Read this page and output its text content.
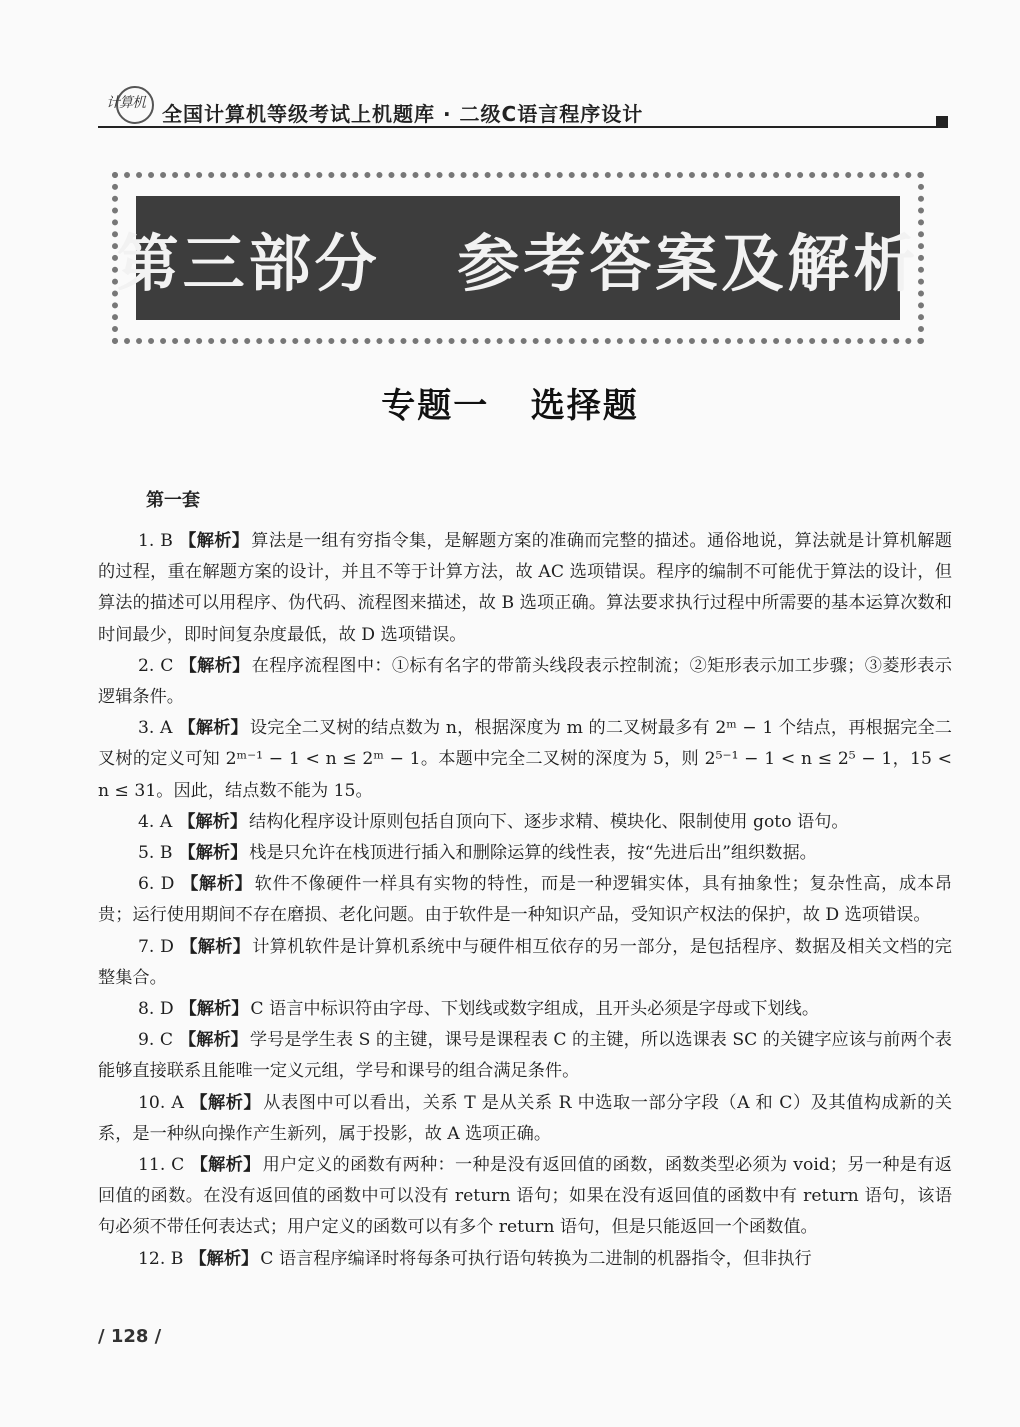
计算机 全国计算机等级考试上机题库 · 二级C语言程序设计
第三部分   参考答案及解析
专题一   选择题
第一套

1. B 【解析】 算法是一组有穷指令集，是解题方案的准确而完整的描述。通俗地说，算法就是计算机解题的过程，重在解题方案的设计，并且不等于计算方法，故 AC 选项错误。程序的编制不可能优于算法的设计，但算法的描述可以用程序、伪代码、流程图来描述，故 B 选项正确。算法要求执行过程中所需要的基本运算次数和时间最少，即时间复杂度最低，故 D 选项错误。

2. C 【解析】 在程序流程图中：①标有名字的带箭头线段表示控制流；②矩形表示加工步骤；③菱形表示逻辑条件。

3. A 【解析】 设完全二叉树的结点数为 n，根据深度为 m 的二叉树最多有 2ᵐ − 1 个结点，再根据完全二叉树的定义可知 2ᵐ⁻¹ − 1 < n ≤ 2ᵐ − 1。本题中完全二叉树的深度为 5，则 2⁵⁻¹ − 1 < n ≤ 2⁵ − 1，15 < n ≤ 31。因此，结点数不能为 15。

4. A 【解析】 结构化程序设计原则包括自顶向下、逐步求精、模块化、限制使用 goto 语句。

5. B 【解析】 栈是只允许在栈顶进行插入和删除运算的线性表，按“先进后出”组织数据。

6. D 【解析】 软件不像硬件一样具有实物的特性，而是一种逻辑实体，具有抽象性；复杂性高，成本昂贵；运行使用期间不存在磨损、老化问题。由于软件是一种知识产品，受知识产权法的保护，故 D 选项错误。

7. D 【解析】 计算机软件是计算机系统中与硬件相互依存的另一部分，是包括程序、数据及相关文档的完整集合。

8. D 【解析】 C 语言中标识符由字母、下划线或数字组成，且开头必须是字母或下划线。

9. C 【解析】 学号是学生表 S 的主键，课号是课程表 C 的主键，所以选课表 SC 的关键字应该与前两个表能够直接联系且能唯一定义元组，学号和课号的组合满足条件。

10. A 【解析】 从表图中可以看出，关系 T 是从关系 R 中选取一部分字段（A 和 C）及其值构成新的关系，是一种纵向操作产生新列，属于投影，故 A 选项正确。

11. C 【解析】 用户定义的函数有两种：一种是没有返回值的函数，函数类型必须为 void；另一种是有返回值的函数。在没有返回值的函数中可以没有 return 语句；如果在没有返回值的函数中有 return 语句，该语句必须不带任何表达式；用户定义的函数可以有多个 return 语句，但是只能返回一个函数值。

12. B 【解析】 C 语言程序编译时将每条可执行语句转换为二进制的机器指令，但非执行

/ 128 /
